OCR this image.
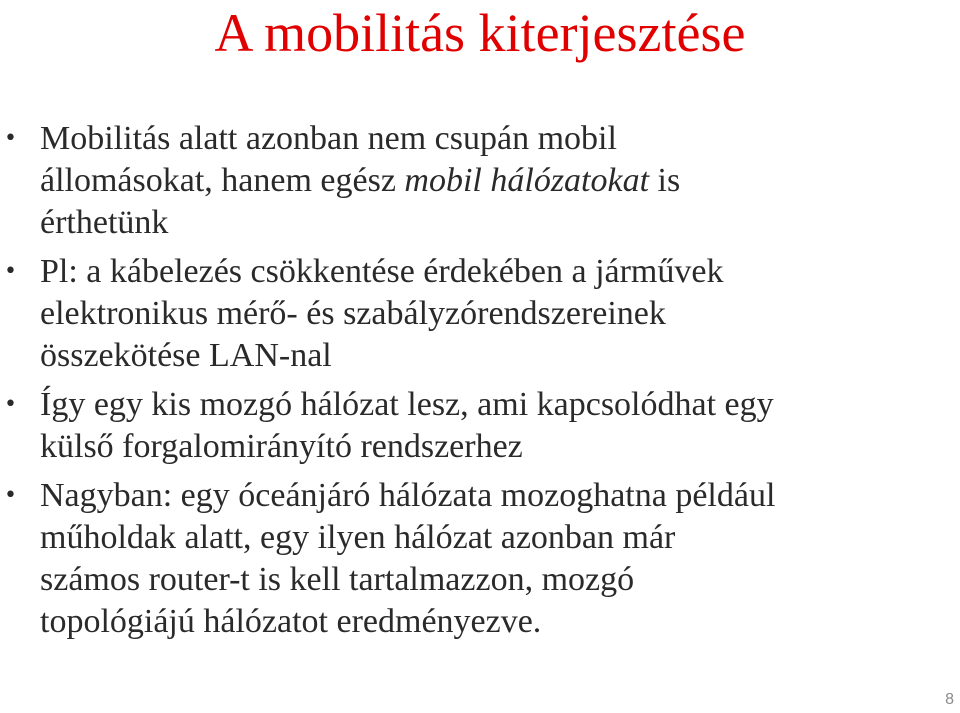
A mobilitás kiterjesztése
• Mobilitás alatt azonban nem csupán mobil
állomásokat, hanem egész mobil hálózatokat is
érthetünk
• Pl: a kábelezés csökkentése érdekében a járművek
elektronikus mérő- és szabályzórendszereinek
összekötése LAN-nal
• Így egy kis mozgó hálózat lesz, ami kapcsolódhat egy
külső forgalomirányító rendszerhez
• Nagyban: egy óceánjáró hálózata mozoghatna például
műholdak alatt, egy ilyen hálózat azonban már
számos router-t is kell tartalmazzon, mozgó
topológiájú hálózatot eredményezve.
8
